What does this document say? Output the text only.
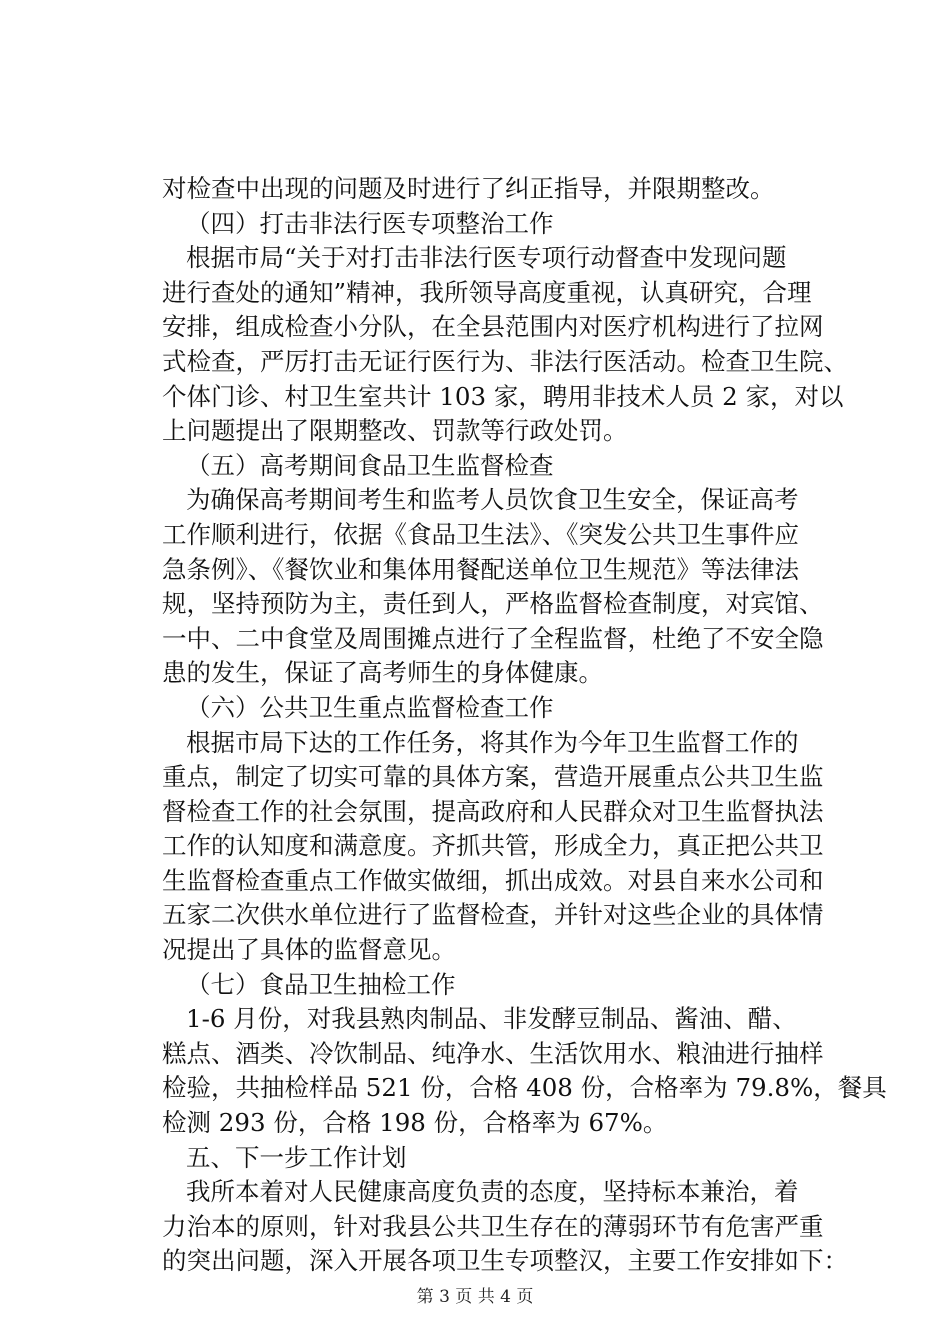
对检查中出现的问题及时进行了纠正指导，并限期整改。
（四）打击非法行医专项整治工作
根据市局“关于对打击非法行医专项行动督查中发现问题
进行查处的通知”精神，我所领导高度重视，认真研究，合理
安排，组成检查小分队，在全县范围内对医疗机构进行了拉网
式检查，严厉打击无证行医行为、非法行医活动。检查卫生院、
个体门诊、村卫生室共计 103 家，聘用非技术人员 2 家，对以
上问题提出了限期整改、罚款等行政处罚。
（五）高考期间食品卫生监督检查
为确保高考期间考生和监考人员饮食卫生安全，保证高考
工作顺利进行，依据《食品卫生法》、《突发公共卫生事件应
急条例》、《餐饮业和集体用餐配送单位卫生规范》等法律法
规，坚持预防为主，责任到人，严格监督检查制度，对宾馆、
一中、二中食堂及周围摊点进行了全程监督，杜绝了不安全隐
患的发生，保证了高考师生的身体健康。
（六）公共卫生重点监督检查工作
根据市局下达的工作任务，将其作为今年卫生监督工作的
重点，制定了切实可靠的具体方案，营造开展重点公共卫生监
督检查工作的社会氛围，提高政府和人民群众对卫生监督执法
工作的认知度和满意度。齐抓共管，形成全力，真正把公共卫
生监督检查重点工作做实做细，抓出成效。对县自来水公司和
五家二次供水单位进行了监督检查，并针对这些企业的具体情
况提出了具体的监督意见。
（七）食品卫生抽检工作
1-6 月份，对我县熟肉制品、非发酵豆制品、酱油、醋、
糕点、酒类、冷饮制品、纯净水、生活饮用水、粮油进行抽样
检验，共抽检样品 521 份，合格 408 份，合格率为 79.8%，餐具
检测 293 份，合格 198 份，合格率为 67%。
五、下一步工作计划
我所本着对人民健康高度负责的态度，坚持标本兼治，着
力治本的原则，针对我县公共卫生存在的薄弱环节有危害严重
的突出问题，深入开展各项卫生专项整汉，主要工作安排如下：
第 3 页 共 4 页
